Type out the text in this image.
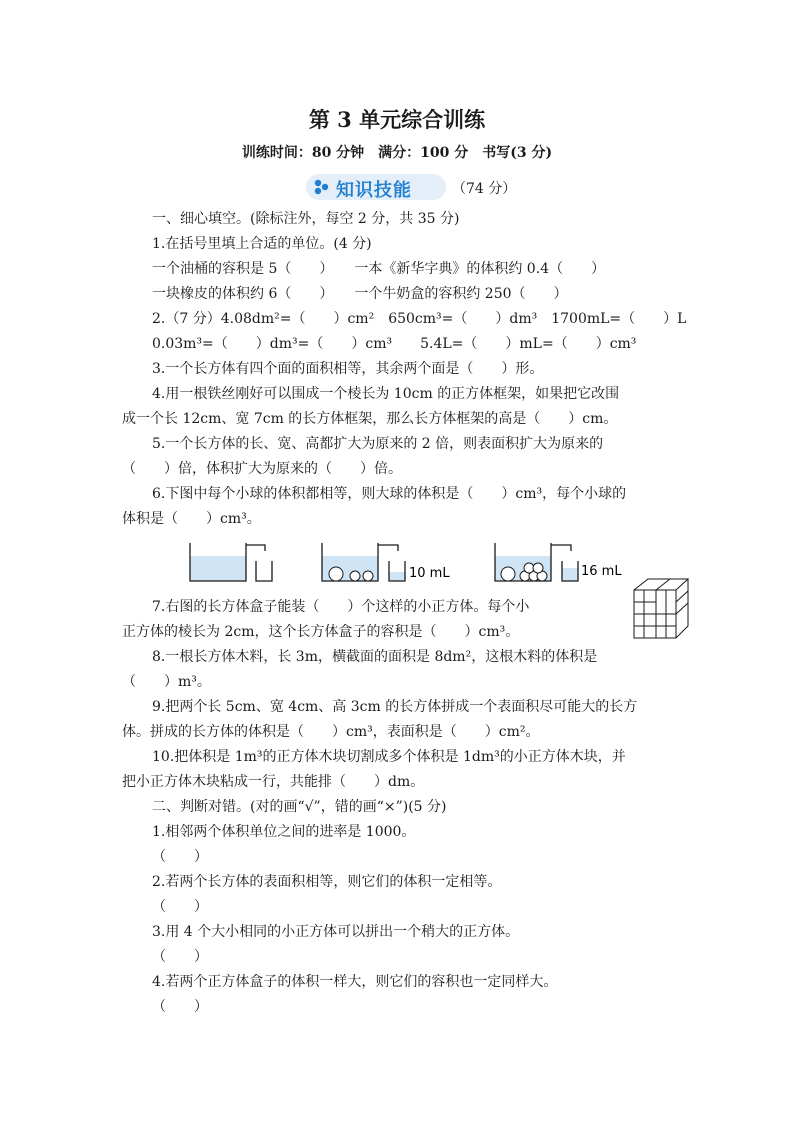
第 3 单元综合训练
训练时间：80 分钟　满分：100 分　书写(3 分)
知识技能	（74 分）
一、细心填空。(除标注外，每空 2 分，共 35 分)
1.在括号里填上合适的单位。(4 分)
一个油桶的容积是 5（　　）　　一本《新华字典》的体积约 0.4（　　）
一块橡皮的体积约 6（　　）　　一个牛奶盒的容积约 250（　　）
2.（7 分）4.08dm²=（　　）cm²　650cm³=（　　）dm³　1700mL=（　　）L
0.03m³=（　　）dm³=（　　）cm³　　5.4L=（　　）mL=（　　）cm³
3.一个长方体有四个面的面积相等，其余两个面是（　　）形。
4.用一根铁丝刚好可以围成一个棱长为 10cm 的正方体框架，如果把它改围
成一个长 12cm、宽 7cm 的长方体框架，那么长方体框架的高是（　　）cm。
5.一个长方体的长、宽、高都扩大为原来的 2 倍，则表面积扩大为原来的
（　　）倍，体积扩大为原来的（　　）倍。
6.下图中每个小球的体积都相等，则大球的体积是（　　）cm³，每个小球的
体积是（　　）cm³。
10 mL	16 mL
7.右图的长方体盒子能装（　　）个这样的小正方体。每个小
正方体的棱长为 2cm，这个长方体盒子的容积是（　　）cm³。
8.一根长方体木料，长 3m，横截面的面积是 8dm²，这根木料的体积是
（　　）m³。
9.把两个长 5cm、宽 4cm、高 3cm 的长方体拼成一个表面积尽可能大的长方
体。拼成的长方体的体积是（　　）cm³，表面积是（　　）cm²。
10.把体积是 1m³的正方体木块切割成多个体积是 1dm³的小正方体木块，并
把小正方体木块粘成一行，共能排（　　）dm。
二、判断对错。(对的画“√”，错的画“×”)(5 分)
1.相邻两个体积单位之间的进率是 1000。
（　　）
2.若两个长方体的表面积相等，则它们的体积一定相等。
（　　）
3.用 4 个大小相同的小正方体可以拼出一个稍大的正方体。
（　　）
4.若两个正方体盒子的体积一样大，则它们的容积也一定同样大。
（　　）
